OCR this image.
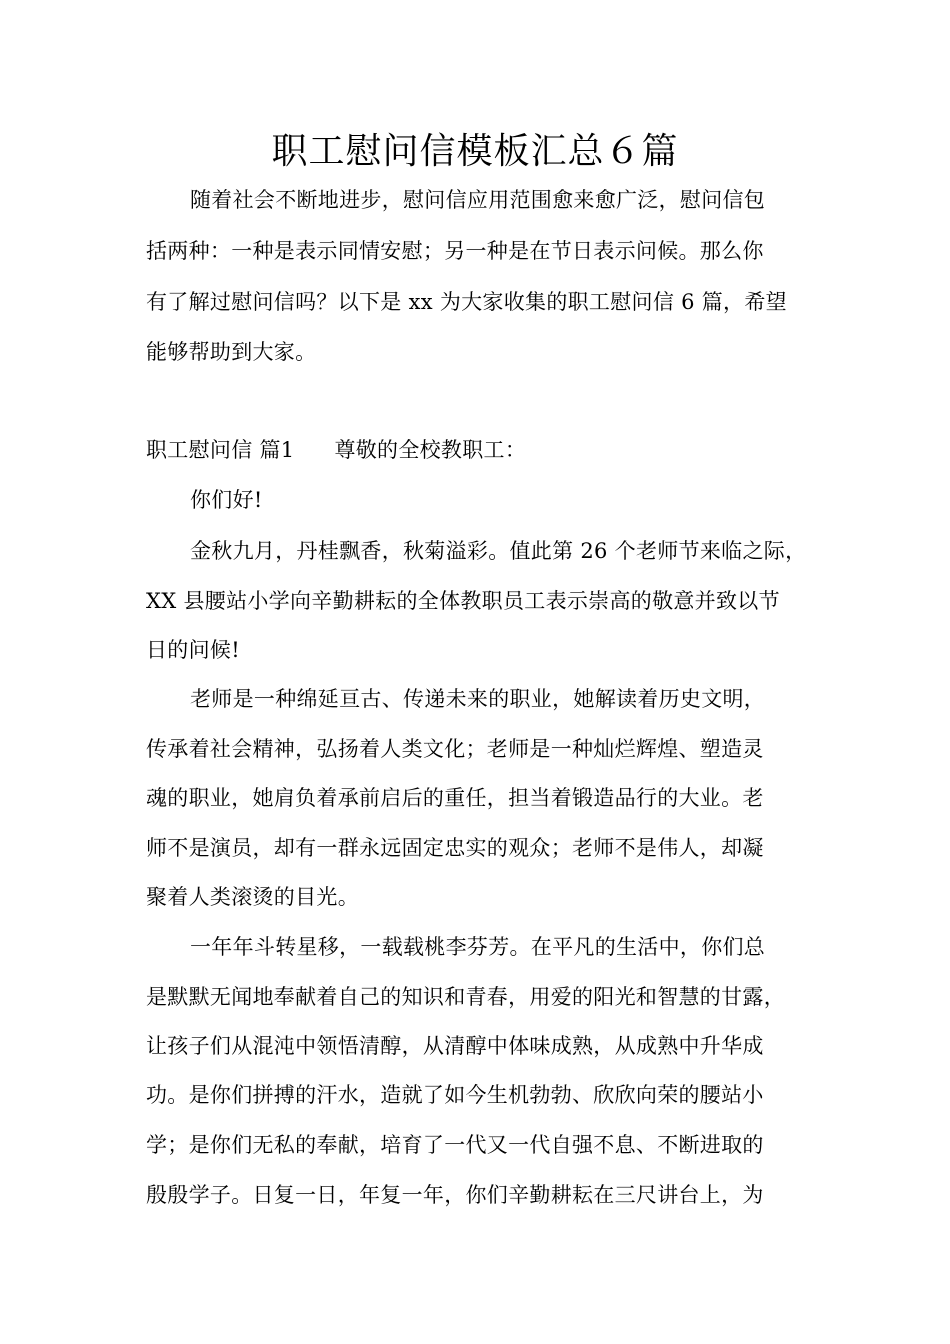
职工慰问信模板汇总６篇
随着社会不断地进步，慰问信应用范围愈来愈广泛，慰问信包
括两种：一种是表示同情安慰；另一种是在节日表示问候。那么你
有了解过慰问信吗？以下是 xx 为大家收集的职工慰问信 6 篇，希望
能够帮助到大家。
职工慰问信 篇1 尊敬的全校教职工：
你们好!
金秋九月，丹桂飘香，秋菊溢彩。值此第 26 个老师节来临之际，
XX 县腰站小学向辛勤耕耘的全体教职员工表示崇高的敬意并致以节
日的问候!
老师是一种绵延亘古、传递未来的职业，她解读着历史文明，
传承着社会精神，弘扬着人类文化；老师是一种灿烂辉煌、塑造灵
魂的职业，她肩负着承前启后的重任，担当着锻造品行的大业。老
师不是演员，却有一群永远固定忠实的观众；老师不是伟人，却凝
聚着人类滚烫的目光。
一年年斗转星移，一载载桃李芬芳。在平凡的生活中，你们总
是默默无闻地奉献着自己的知识和青春，用爱的阳光和智慧的甘露，
让孩子们从混沌中领悟清醇，从清醇中体味成熟，从成熟中升华成
功。是你们拼搏的汗水，造就了如今生机勃勃、欣欣向荣的腰站小
学；是你们无私的奉献，培育了一代又一代自强不息、不断进取的
殷殷学子。日复一日，年复一年，你们辛勤耕耘在三尺讲台上，为
